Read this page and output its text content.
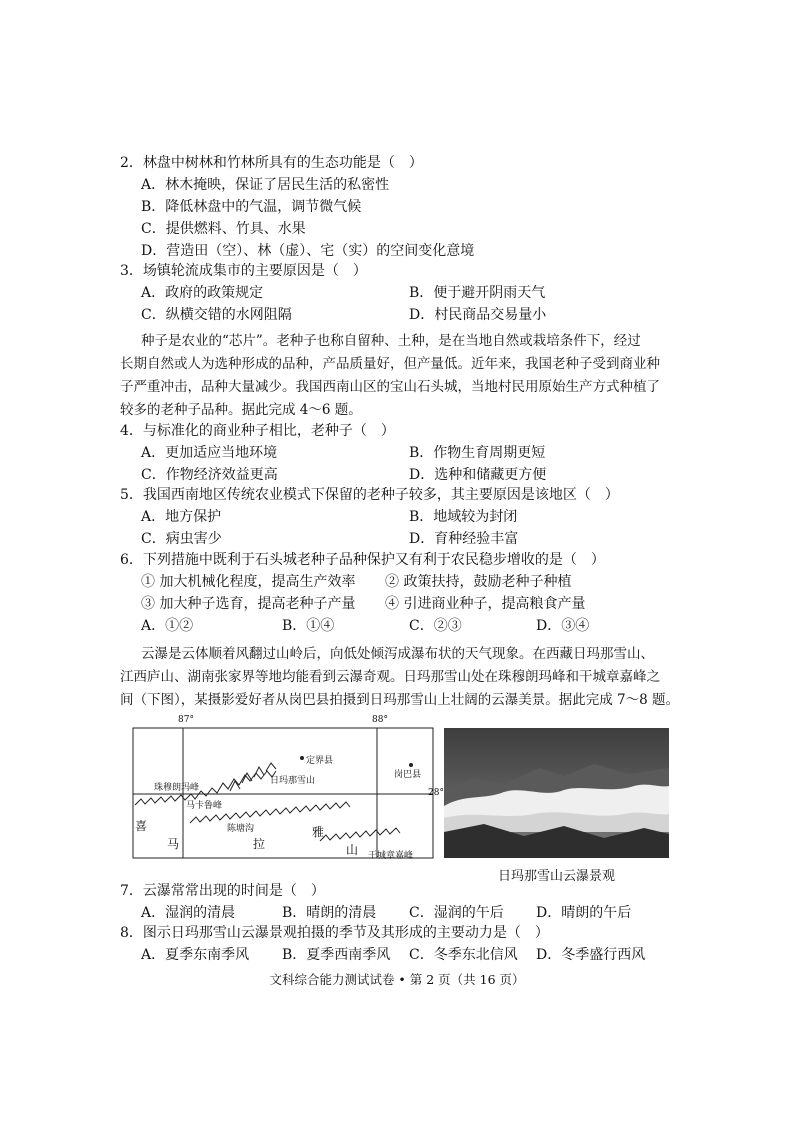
2．林盘中树林和竹林所具有的生态功能是（　）
A．林木掩映，保证了居民生活的私密性
B．降低林盘中的气温，调节微气候
C．提供燃料、竹具、水果
D．营造田（空）、林（虚）、宅（实）的空间变化意境
3．场镇轮流成集市的主要原因是（　）
A．政府的政策规定	B．便于避开阴雨天气
C．纵横交错的水网阻隔	D．村民商品交易量小
种子是农业的“芯片”。老种子也称自留种、土种，是在当地自然或栽培条件下，经过
长期自然或人为选种形成的品种，产品质量好，但产量低。近年来，我国老种子受到商业种
子严重冲击，品种大量减少。我国西南山区的宝山石头城，当地村民用原始生产方式种植了
较多的老种子品种。据此完成 4～6 题。
4．与标准化的商业种子相比，老种子（　）
A．更加适应当地环境	B．作物生育周期更短
C．作物经济效益更高	D．选种和储藏更方便
5．我国西南地区传统农业模式下保留的老种子较多，其主要原因是该地区（　）
A．地方保护	B．地域较为封闭
C．病虫害少	D．育种经验丰富
6．下列措施中既利于石头城老种子品种保护又有利于农民稳步增收的是（　）
① 加大机械化程度，提高生产效率 ② 政策扶持，鼓励老种子种植
③ 加大种子选育，提高老种子产量 ④ 引进商业种子，提高粮食产量
A．①②	B．①④	C．②③	D．③④
云瀑是云体顺着风翻过山岭后，向低处倾泻成瀑布状的天气现象。在西藏日玛那雪山、
江西庐山、湖南张家界等地均能看到云瀑奇观。日玛那雪山处在珠穆朗玛峰和干城章嘉峰之
间（下图），某摄影爱好者从岗巴县拍摄到日玛那雪山上壮阔的云瀑美景。据此完成 7～8 题。
87°	88°
28°
定界县
岗巴县
珠穆朗玛峰
日玛那雪山
马卡鲁峰
陈塘沟
干城章嘉峰
喜
马	拉
雅
山
日玛那雪山云瀑景观
7．云瀑常常出现的时间是（　）
A．湿润的清晨	B．晴朗的清晨 C．湿润的午后 D．晴朗的午后
8．图示日玛那雪山云瀑景观拍摄的季节及其形成的主要动力是（　）
A．夏季东南季风 B．夏季西南季风 C．冬季东北信风 D．冬季盛行西风
文科综合能力测试试卷 • 第 2 页（共 16 页）
